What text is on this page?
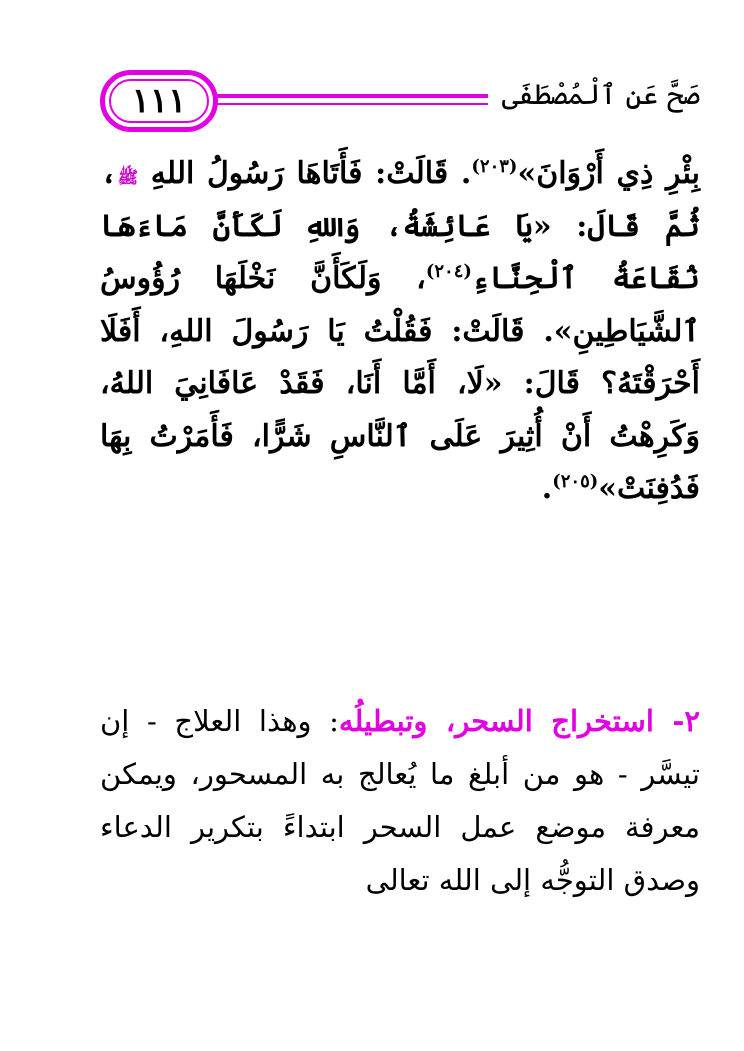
١١١	صَحَّ عَنِ ٱلْمُصْطَفَى
بِئْرِ ذِي أَرْوَانَ»$^{(٢٠٣)}$. قَالَتْ: فَأَتَاهَا رَسُولُ اللهِ ﷺ، ثُمَّ قَالَ: «يَا عَائِشَةُ، وَاللهِ لَكَأَنَّ مَاءَهَا نُقَاعَةُ ٱلْحِنَّاءِ$^{(٢٠٤)}$، وَلَكَأَنَّ نَخْلَهَا رُؤُوسُ ٱلشَّيَاطِينِ». قَالَتْ: فَقُلْتُ يَا رَسُولَ اللهِ، أَفَلَا أَحْرَقْتَهُ؟ قَالَ: «لَا، أَمَّا أَنَا، فَقَدْ عَافَانِيَ اللهُ، وَكَرِهْتُ أَنْ أُثِيرَ عَلَى ٱلنَّاسِ شَرًّا، فَأَمَرْتُ بِهَا فَدُفِنَتْ»$^{(٢٠٥)}$.
٢- استخراج السحر، وتبطيلُه: وهذا العلاج - إن تيسَّر - هو من أبلغ ما يُعالج به المسحور، ويمكن معرفة موضع عمل السحر ابتداءً بتكرير الدعاء وصدق التوجُّه إلى الله تعالى
